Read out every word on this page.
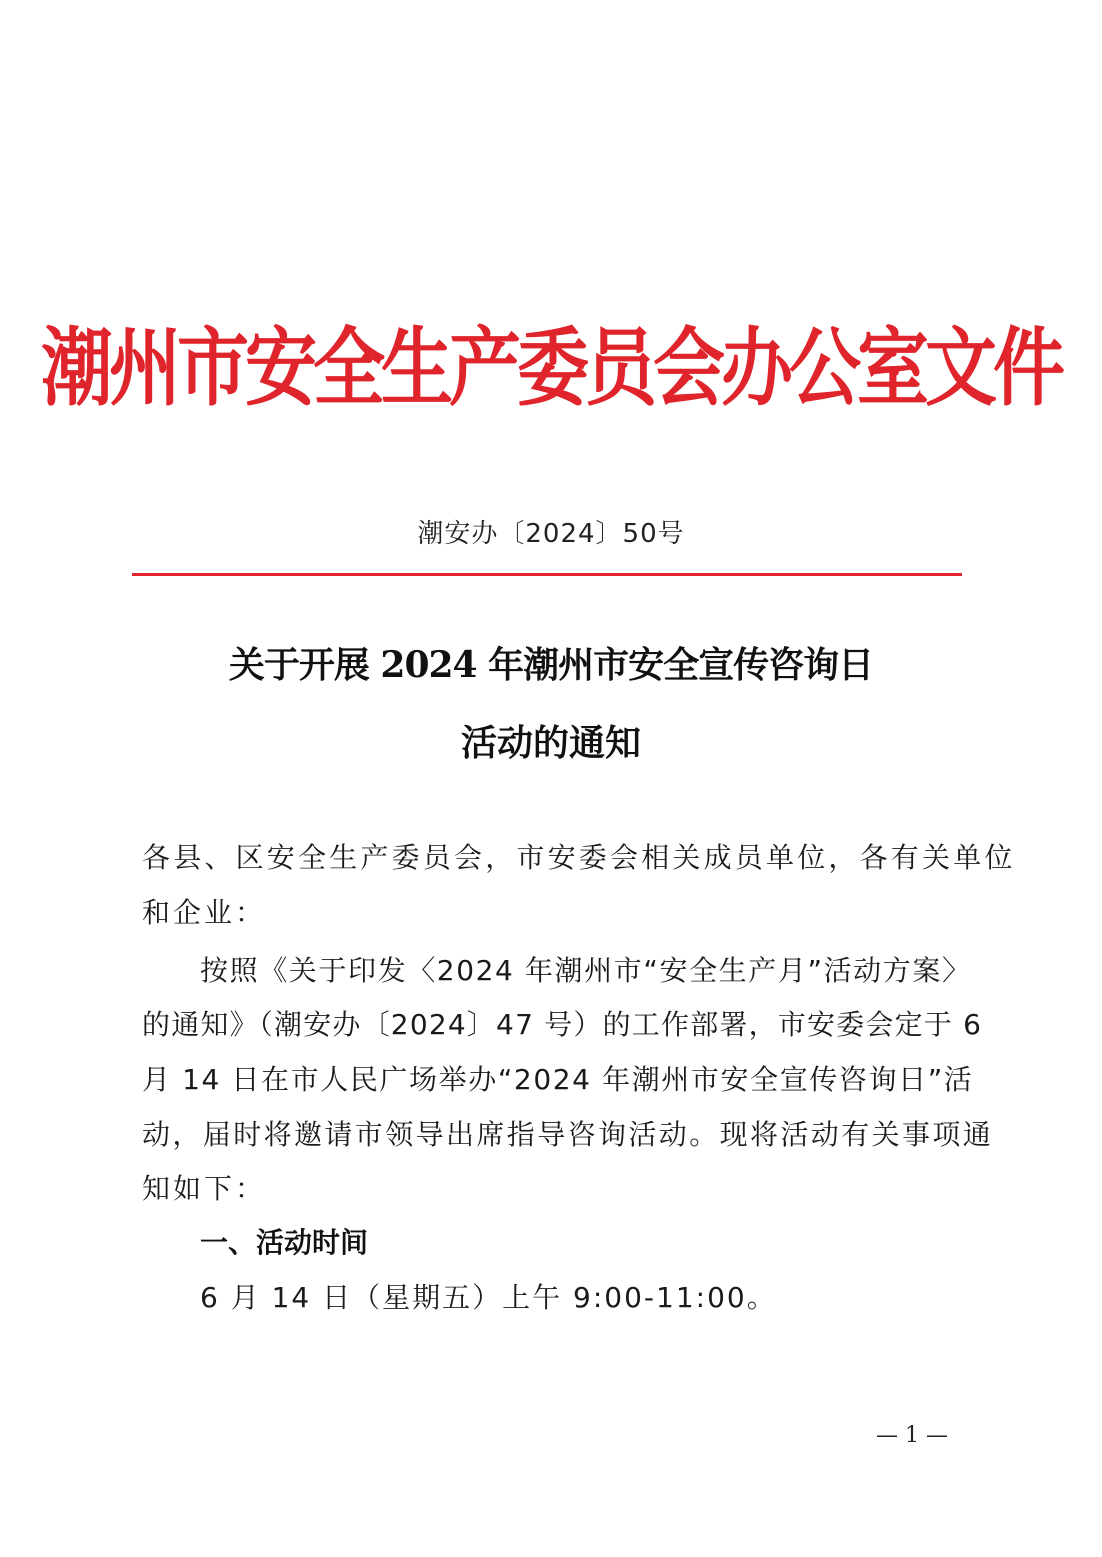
潮州市安全生产委员会办公室文件
潮安办〔2024〕50号
关于开展 2024 年潮州市安全宣传咨询日
活动的通知
各县、区安全生产委员会，市安委会相关成员单位，各有关单位
和企业：
按照《关于印发〈2024 年潮州市“安全生产月”活动方案〉
的通知》（潮安办〔2024〕47 号）的工作部署，市安委会定于 6
月 14 日在市人民广场举办“2024 年潮州市安全宣传咨询日”活
动，届时将邀请市领导出席指导咨询活动。现将活动有关事项通
知如下：
一、活动时间
6 月 14 日（星期五）上午 9:00-11:00。
— 1 —
